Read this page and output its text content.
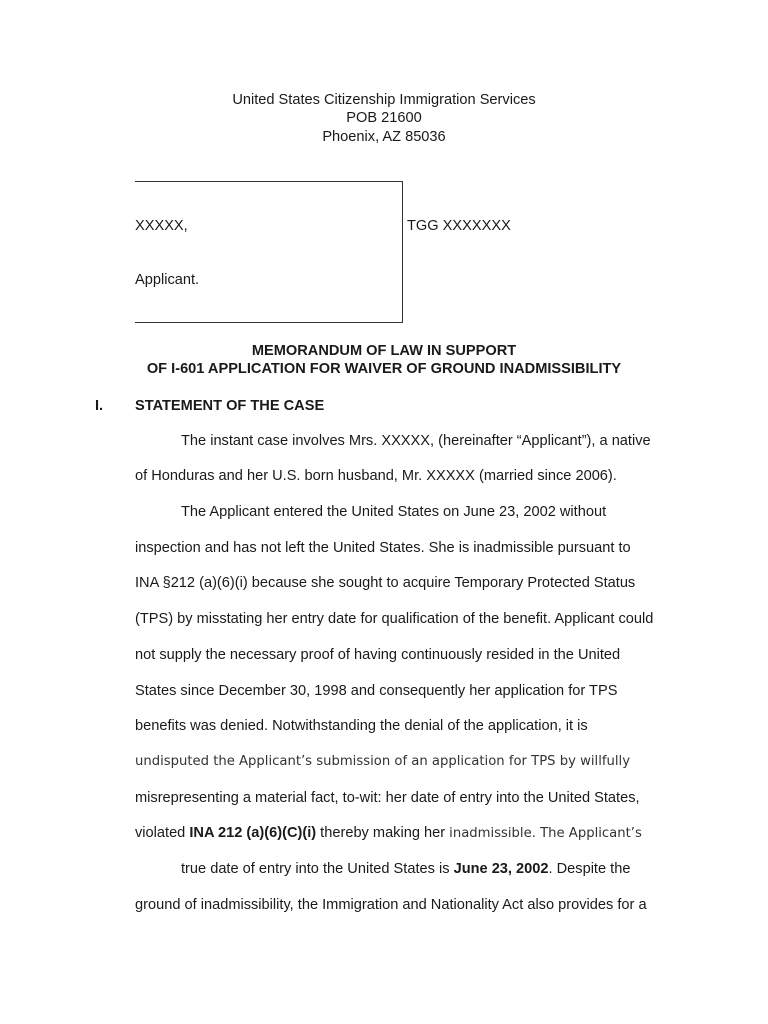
United States Citizenship Immigration Services
POB 21600
Phoenix, AZ 85036
XXXXX,	TGG XXXXXXX
Applicant.
MEMORANDUM OF LAW IN SUPPORT
OF I-601 APPLICATION FOR WAIVER OF GROUND INADMISSIBILITY
I. STATEMENT OF THE CASE
The instant case involves Mrs. XXXXX, (hereinafter “Applicant”), a native
of Honduras and her U.S. born husband, Mr. XXXXX (married since 2006).
The Applicant entered the United States on June 23, 2002 without
inspection and has not left the United States. She is inadmissible pursuant to
INA §212 (a)(6)(i) because she sought to acquire Temporary Protected Status
(TPS) by misstating her entry date for qualification of the benefit. Applicant could
not supply the necessary proof of having continuously resided in the United
States since December 30, 1998 and consequently her application for TPS
benefits was denied. Notwithstanding the denial of the application, it is
undisputed the Applicant’s submission of an application for TPS by willfully
misrepresenting a material fact, to-wit: her date of entry into the United States,
violated INA 212 (a)(6)(C)(i) thereby making her inadmissible. The Applicant’s
true date of entry into the United States is June 23, 2002. Despite the
ground of inadmissibility, the Immigration and Nationality Act also provides for a
